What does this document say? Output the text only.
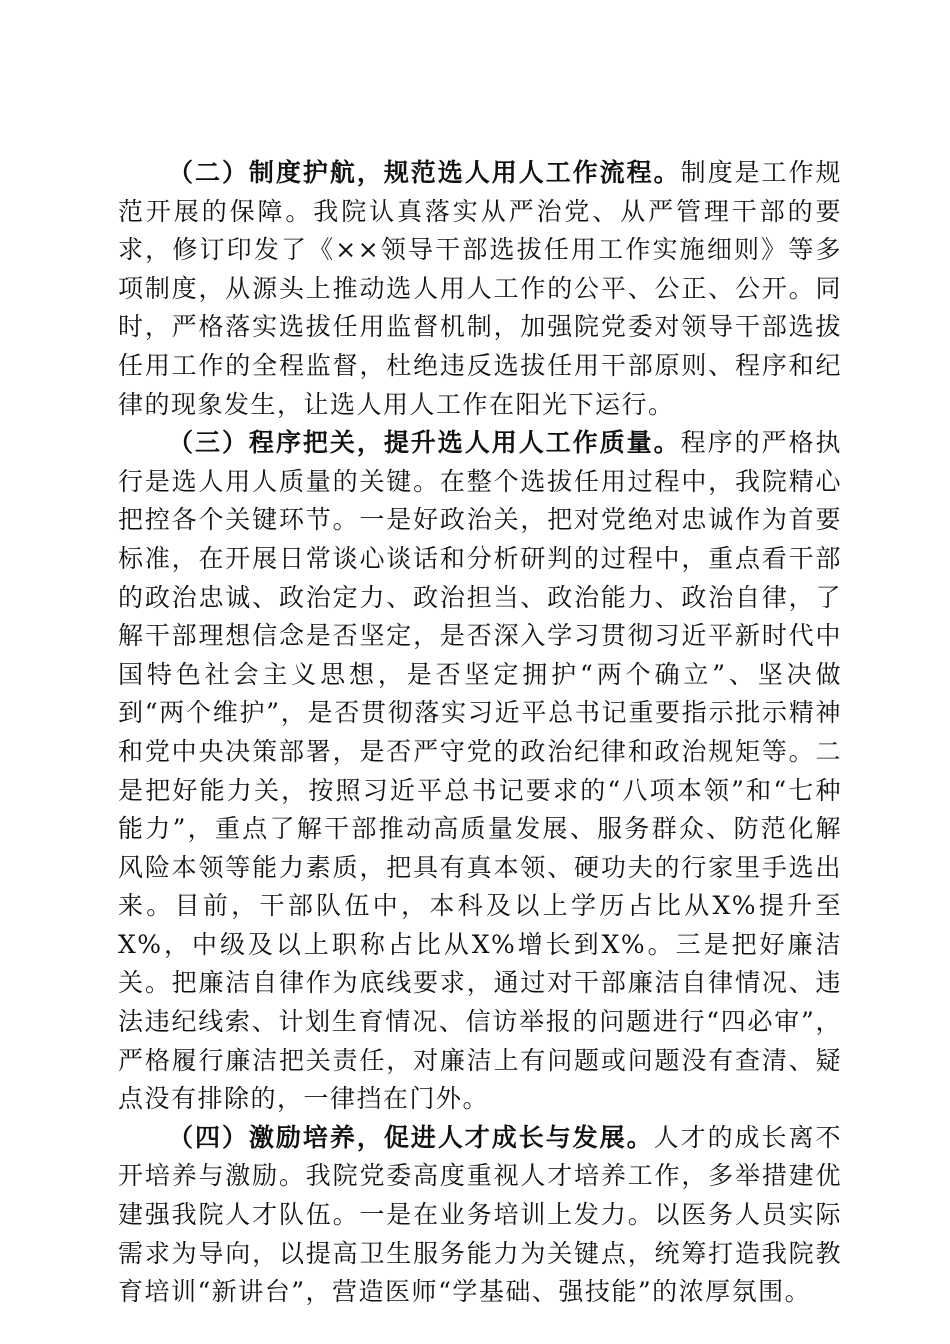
（二）制度护航，规范选人用人工作流程。制度是工作规范开展的保障。我院认真落实从严治党、从严管理干部的要求，修订印发了《××领导干部选拔任用工作实施细则》等多项制度，从源头上推动选人用人工作的公平、公正、公开。同时，严格落实选拔任用监督机制，加强院党委对领导干部选拔任用工作的全程监督，杜绝违反选拔任用干部原则、程序和纪律的现象发生，让选人用人工作在阳光下运行。

（三）程序把关，提升选人用人工作质量。程序的严格执行是选人用人质量的关键。在整个选拔任用过程中，我院精心把控各个关键环节。一是好政治关，把对党绝对忠诚作为首要标准，在开展日常谈心谈话和分析研判的过程中，重点看干部的政治忠诚、政治定力、政治担当、政治能力、政治自律，了解干部理想信念是否坚定，是否深入学习贯彻习近平新时代中国特色社会主义思想，是否坚定拥护“两个确立”、坚决做到“两个维护”，是否贯彻落实习近平总书记重要指示批示精神和党中央决策部署，是否严守党的政治纪律和政治规矩等。二是把好能力关，按照习近平总书记要求的“八项本领”和“七种能力”，重点了解干部推动高质量发展、服务群众、防范化解风险本领等能力素质，把具有真本领、硬功夫的行家里手选出来。目前，干部队伍中，本科及以上学历占比从X%提升至X%，中级及以上职称占比从X%增长到X%。三是把好廉洁关。把廉洁自律作为底线要求，通过对干部廉洁自律情况、违法违纪线索、计划生育情况、信访举报的问题进行“四必审”，严格履行廉洁把关责任，对廉洁上有问题或问题没有查清、疑点没有排除的，一律挡在门外。

（四）激励培养，促进人才成长与发展。人才的成长离不开培养与激励。我院党委高度重视人才培养工作，多举措建优建强我院人才队伍。一是在业务培训上发力。以医务人员实际需求为导向，以提高卫生服务能力为关键点，统筹打造我院教育培训“新讲台”，营造医师“学基础、强技能”的浓厚氛围。
